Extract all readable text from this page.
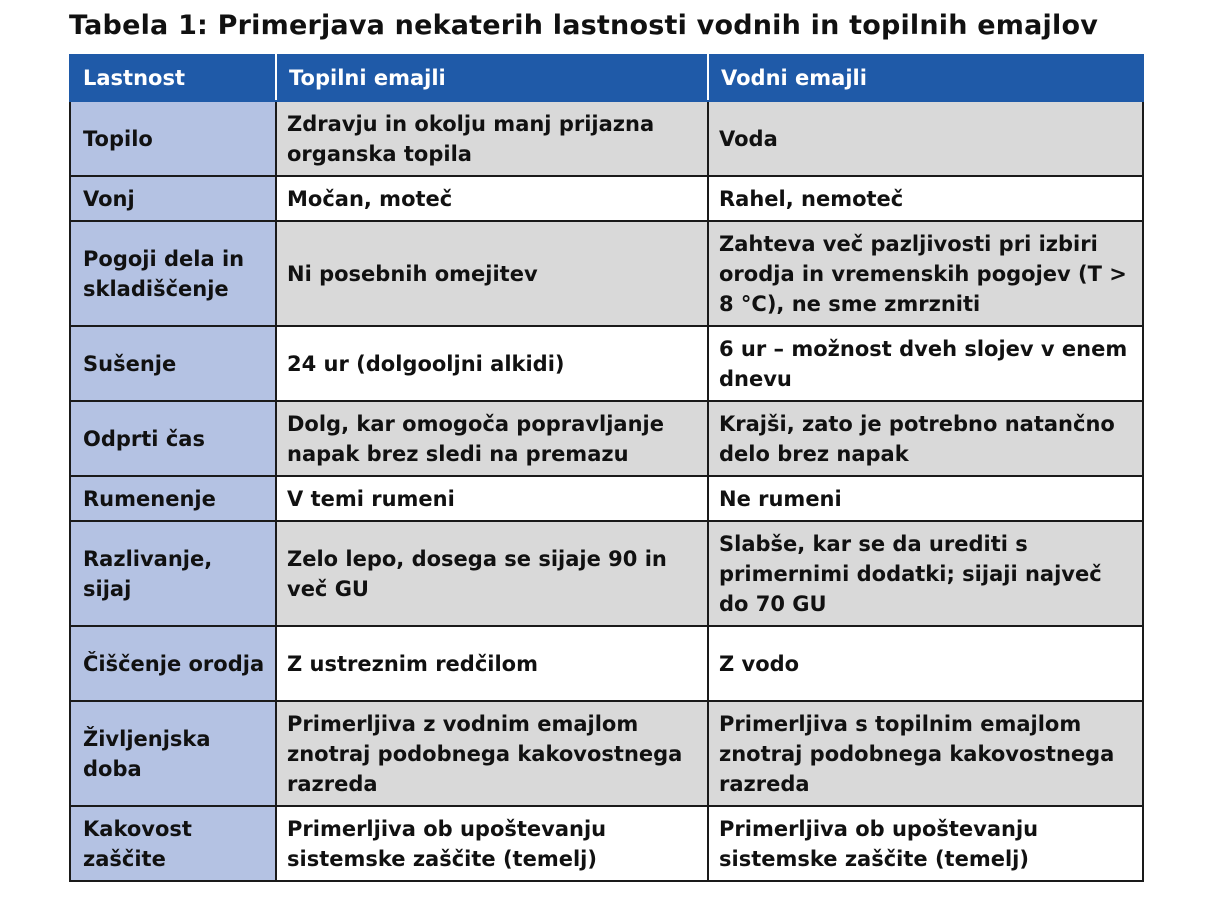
Tabela 1: Primerjava nekaterih lastnosti vodnih in topilnih emajlov
Lastnost	Topilni emajli	Vodni emajli
Topilo	Zdravju in okolju manj prijazna organska topila	Voda
Vonj	Močan, moteč	Rahel, nemoteč
Pogoji dela in skladiščenje	Ni posebnih omejitev	Zahteva več pazljivosti pri izbiri orodja in vremenskih pogojev (T > 8 °C), ne sme zmrzniti
Sušenje	24 ur (dolgooljni alkidi)	6 ur – možnost dveh slojev v enem dnevu
Odprti čas	Dolg, kar omogoča popravljanje napak brez sledi na premazu	Krajši, zato je potrebno natančno delo brez napak
Rumenenje	V temi rumeni	Ne rumeni
Razlivanje, sijaj	Zelo lepo, dosega se sijaje 90 in več GU	Slabše, kar se da urediti s primernimi dodatki; sijaji največ do 70 GU
Čiščenje orodja	Z ustreznim redčilom	Z vodo
Življenjska doba	Primerljiva z vodnim emajlom znotraj podobnega kakovostnega razreda	Primerljiva s topilnim emajlom znotraj podobnega kakovostnega razreda
Kakovost zaščite	Primerljiva ob upoštevanju sistemske zaščite (temelj)	Primerljiva ob upoštevanju sistemske zaščite (temelj)
